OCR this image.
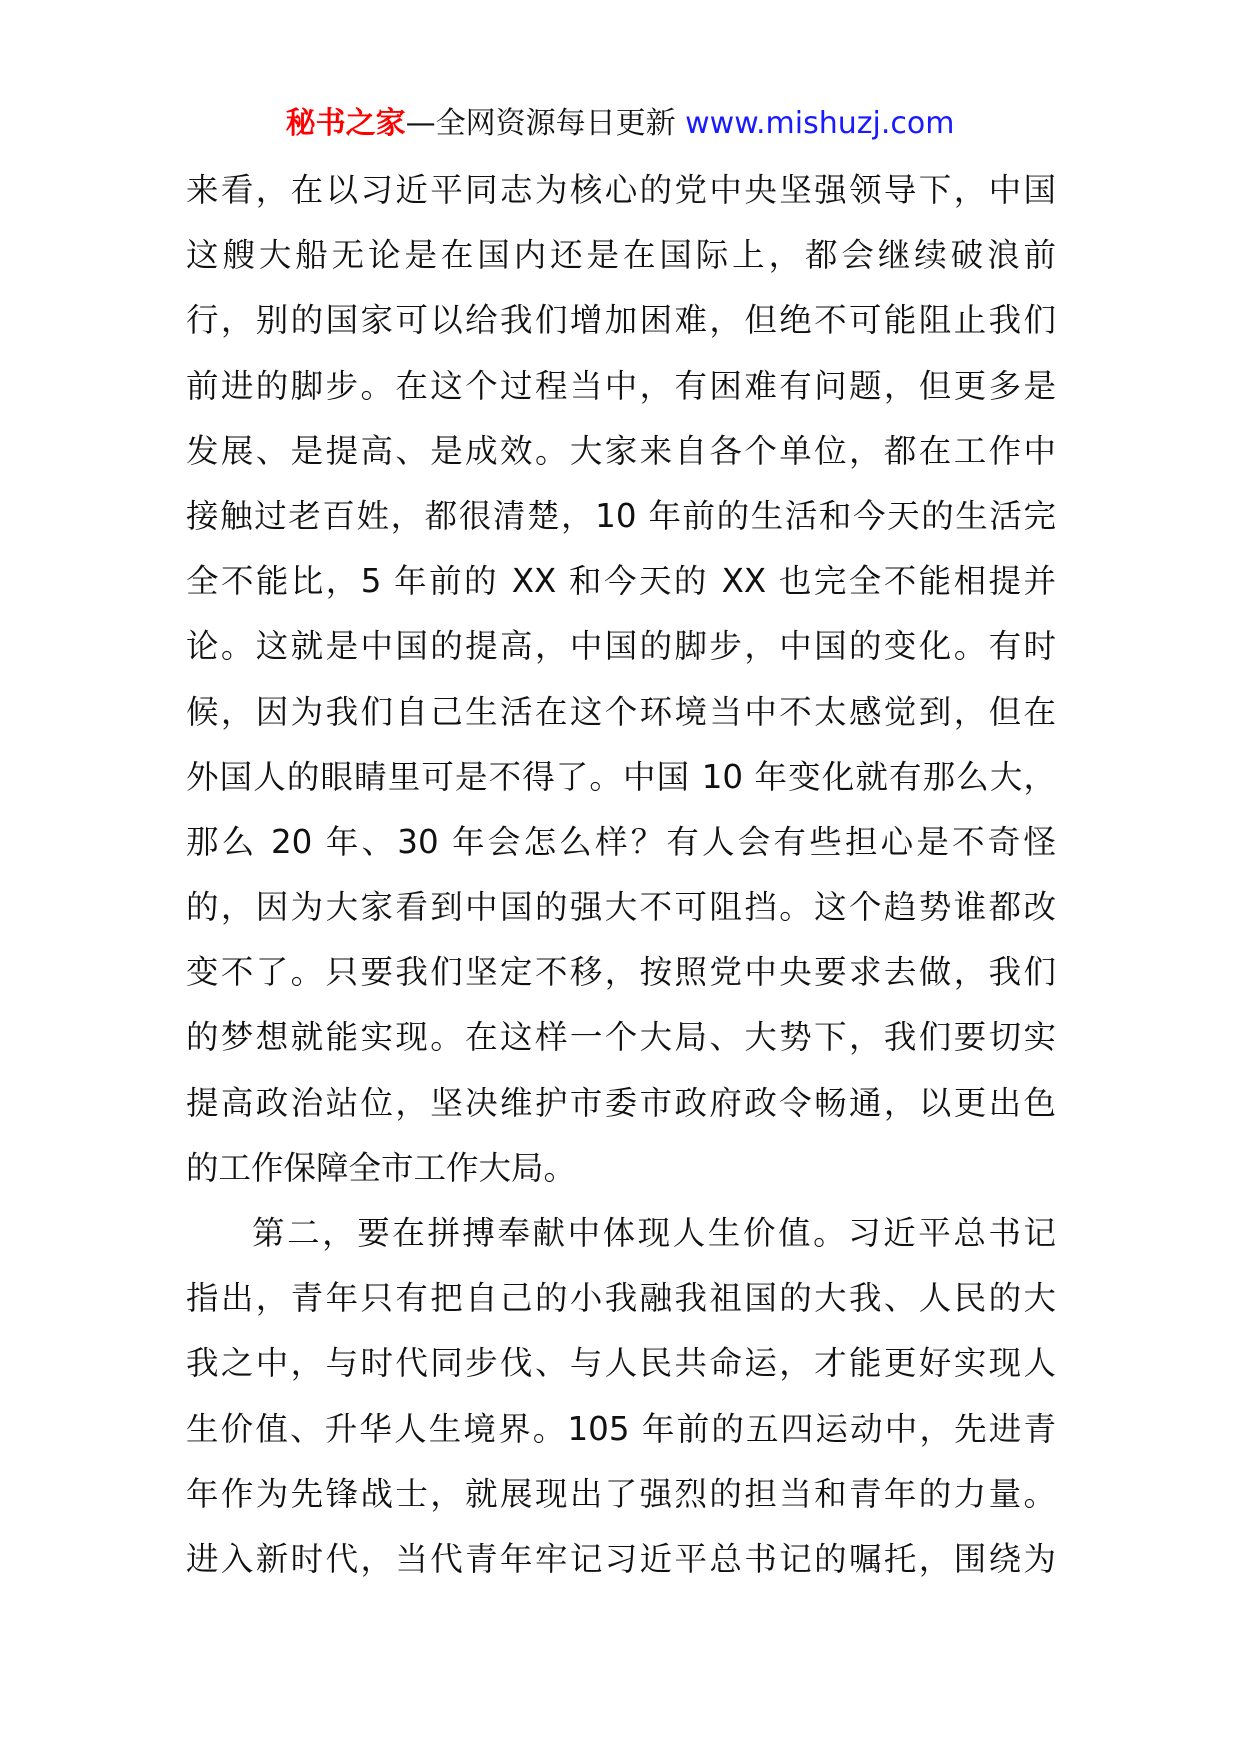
秘书之家—全网资源每日更新 www.mishuzj.com
来看，在以习近平同志为核心的党中央坚强领导下，中国
这艘大船无论是在国内还是在国际上，都会继续破浪前
行，别的国家可以给我们增加困难，但绝不可能阻止我们
前进的脚步。在这个过程当中，有困难有问题，但更多是
发展、是提高、是成效。大家来自各个单位，都在工作中
接触过老百姓，都很清楚，10 年前的生活和今天的生活完
全不能比，5 年前的 XX 和今天的 XX 也完全不能相提并
论。这就是中国的提高，中国的脚步，中国的变化。有时
候，因为我们自己生活在这个环境当中不太感觉到，但在
外国人的眼睛里可是不得了。中国 10 年变化就有那么大，
那么 20 年、30 年会怎么样？有人会有些担心是不奇怪
的，因为大家看到中国的强大不可阻挡。这个趋势谁都改
变不了。只要我们坚定不移，按照党中央要求去做，我们
的梦想就能实现。在这样一个大局、大势下，我们要切实
提高政治站位，坚决维护市委市政府政令畅通，以更出色
的工作保障全市工作大局。
第二，要在拼搏奉献中体现人生价值。习近平总书记
指出，青年只有把自己的小我融我祖国的大我、人民的大
我之中，与时代同步伐、与人民共命运，才能更好实现人
生价值、升华人生境界。105 年前的五四运动中，先进青
年作为先锋战士，就展现出了强烈的担当和青年的力量。
进入新时代，当代青年牢记习近平总书记的嘱托，围绕为
